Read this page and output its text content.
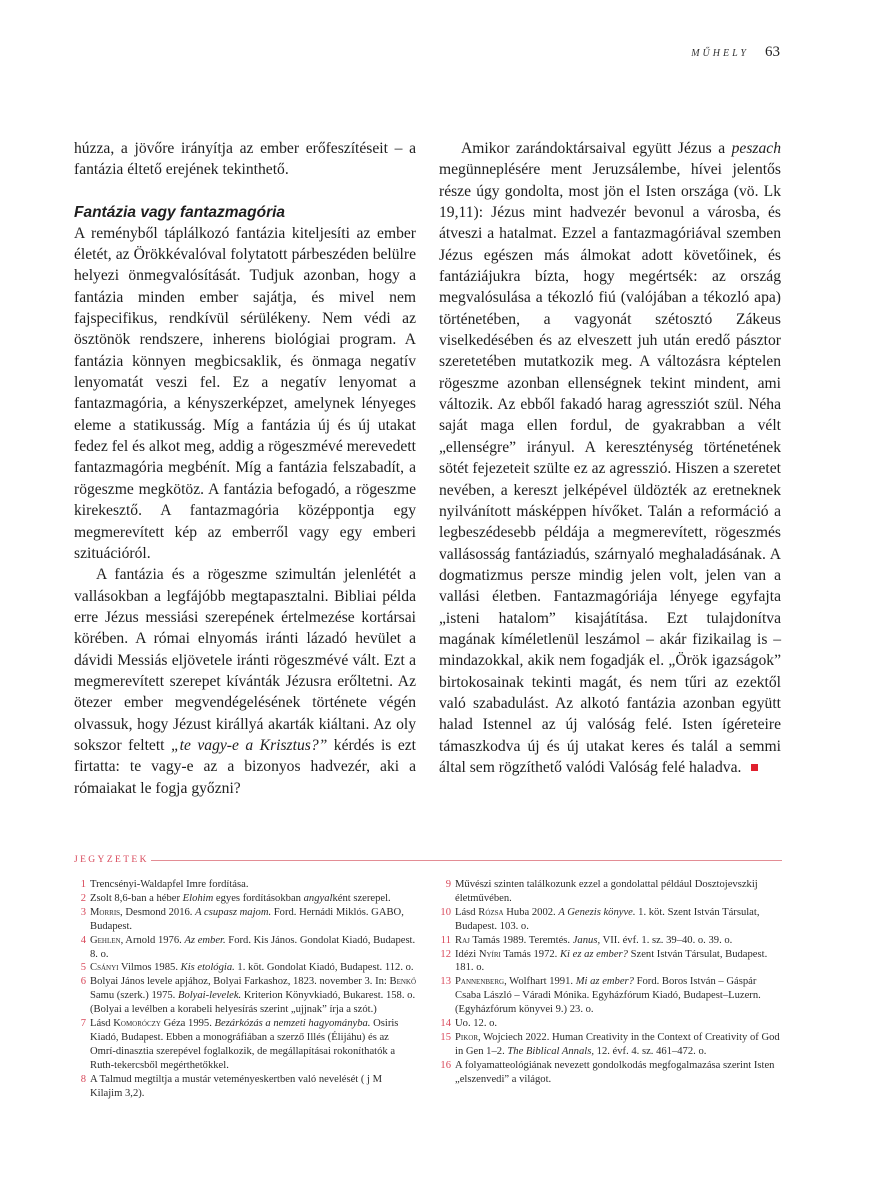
MŰHELY 63

húzza, a jövőre irányítja az ember erőfeszítéseit – a fantázia éltető erejének tekinthető.

Fantázia vagy fantazmagória

A reményből táplálkozó fantázia kiteljesíti az ember életét, az Örökkévalóval folytatott párbeszéden belülre helyezi önmegvalósítását. Tudjuk azonban, hogy a fantázia minden ember sajátja, és mivel nem fajspecifikus, rendkívül sérülékeny. Nem védi az ösztönök rendszere, inherens biológiai program. A fantázia könnyen megbicsaklik, és önmaga negatív lenyomatát veszi fel. Ez a negatív lenyomat a fantazmagória, a kényszerképzet, amelynek lényeges eleme a statikusság. Míg a fantázia új és új utakat fedez fel és alkot meg, addig a rögeszmévé merevedett fantazmagória megbénít. Míg a fantázia felszabadít, a rögeszme megkötöz. A fantázia befogadó, a rögeszme kirekesztő. A fantazmagória középpontja egy megmerevített kép az emberről vagy egy emberi szituációról.

A fantázia és a rögeszme szimultán jelenlétét a vallásokban a legfájóbb megtapasztalni. Bibliai példa erre Jézus messiási szerepének értelmezése kortársai körében. A római elnyomás iránti lázadó hevület a dávidi Messiás eljövetele iránti rögeszmévé vált. Ezt a megmerevített szerepet kívánták Jézusra erőltetni. Az ötezer ember megvendégelésének története végén olvassuk, hogy Jézust királlyá akarták kiáltani. Az oly sokszor feltett „te vagy-e a Krisztus?” kérdés is ezt firtatta: te vagy-e az a bizonyos hadvezér, aki a rómaiakat le fogja győzni?

Amikor zarándoktársaival együtt Jézus a peszach megünneplésére ment Jeruzsálembe, hívei jelentős része úgy gondolta, most jön el Isten országa (vö. Lk 19,11): Jézus mint hadvezér bevonul a városba, és átveszi a hatalmat. Ezzel a fantazmagóriával szemben Jézus egészen más álmokat adott követőinek, és fantáziájukra bízta, hogy megértsék: az ország megvalósulása a tékozló fiú (valójában a tékozló apa) történetében, a vagyonát szétosztó Zákeus viselkedésében és az elveszett juh után eredő pásztor szeretetében mutatkozik meg. A változásra képtelen rögeszme azonban ellenségnek tekint mindent, ami változik. Az ebből fakadó harag agressziót szül. Néha saját maga ellen fordul, de gyakrabban a vélt „ellenségre” irányul. A kereszténység történetének sötét fejezeteit szülte ez az agresszió. Hiszen a szeretet nevében, a kereszt jelképével üldözték az eretneknek nyilvánított másképpen hívőket. Talán a reformáció a legbeszédesebb példája a megmerevített, rögeszmés vallásosság fantáziadús, szárnyaló meghaladásának. A dogmatizmus persze mindig jelen volt, jelen van a vallási életben. Fantazmagóriája lényege egyfajta „isteni hatalom” kisajátítása. Ezt tulajdonítva magának kíméletlenül leszámol – akár fizikailag is – mindazokkal, akik nem fogadják el. „Örök igazságok” birtokosainak tekinti magát, és nem tűri az ezektől való szabadulást. Az alkotó fantázia azonban együtt halad Istennel az új valóság felé. Isten ígéreteire támaszkodva új és új utakat keres és talál a semmi által sem rögzíthető valódi Valóság felé haladva.

JEGYZETEK

1 Trencsényi-Waldapfel Imre fordítása.

2 Zsolt 8,6-ban a héber Elohim egyes fordításokban angyalként szerepel.

3 Morris, Desmond 2016. A csupasz majom. Ford. Hernádi Miklós. GABO, Budapest.

4 Gehlen, Arnold 1976. Az ember. Ford. Kis János. Gondolat Kiadó, Budapest. 8. o.

5 Csányi Vilmos 1985. Kis etológia. 1. köt. Gondolat Kiadó, Budapest. 112. o.

6 Bolyai János levele apjához, Bolyai Farkashoz, 1823. november 3. In: Benkő Samu (szerk.) 1975. Bolyai-levelek. Kriterion Könyvkiadó, Bukarest. 158. o. (Bolyai a levélben a korabeli helyesírás szerint „ujjnak” írja a szót.)

7 Lásd Komoróczy Géza 1995. Bezárkózás a nemzeti hagyományba. Osiris Kiadó, Budapest. Ebben a monográfiában a szerző Illés (Élijáhu) és az Omrí-dinasztia szerepével foglalkozik, de megállapításai rokoníthatók a Ruth-tekercsből megérthetőkkel.

8 A Talmud megtiltja a mustár veteményeskertben való nevelését ( j M Kilajim 3,2).

9 Művészi szinten találkozunk ezzel a gondolattal például Dosztojevszkij életművében.

10 Lásd Rózsa Huba 2002. A Genezis könyve. 1. köt. Szent István Társulat, Budapest. 103. o.

11 Raj Tamás 1989. Teremtés. Janus, VII. évf. 1. sz. 39–40. o. 39. o.

12 Idézi Nyíri Tamás 1972. Ki ez az ember? Szent István Társulat, Budapest. 181. o.

13 Pannenberg, Wolfhart 1991. Mi az ember? Ford. Boros István – Gáspár Csaba László – Váradi Mónika. Egyházfórum Kiadó, Budapest–Luzern. (Egyházfórum könyvei 9.) 23. o.

14 Uo. 12. o.

15 Pikor, Wojciech 2022. Human Creativity in the Context of Creativity of God in Gen 1–2. The Biblical Annals, 12. évf. 4. sz. 461–472. o.

16 A folyamatteológiának nevezett gondolkodás megfogalmazása szerint Isten „elszenvedi” a világot.
